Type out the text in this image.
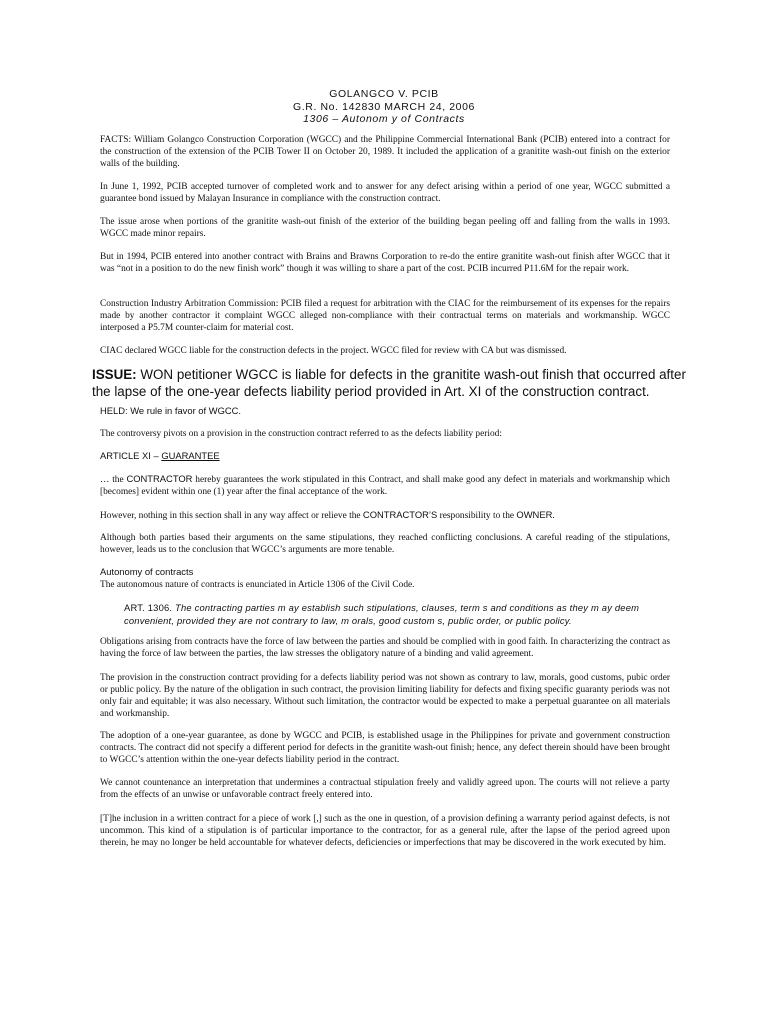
GOLANGCO V. PCIB
G.R. No. 142830 MARCH 24, 2006
1306 – Autonom y of Contracts

FACTS: William Golangco Construction Corporation (WGCC) and the Philippine Commercial International Bank (PCIB) entered into a contract for the construction of the extension of the PCIB Tower II on October 20, 1989. It included the application of a granitite wash-out finish on the exterior walls of the building.

In June 1, 1992, PCIB accepted turnover of completed work and to answer for any defect arising within a period of one year, WGCC submitted a guarantee bond issued by Malayan Insurance in compliance with the construction contract.

The issue arose when portions of the granitite wash-out finish of the exterior of the building began peeling off and falling from the walls in 1993. WGCC made minor repairs.

But in 1994, PCIB entered into another contract with Brains and Brawns Corporation to re-do the entire granitite wash-out finish after WGCC that it was “not in a position to do the new finish work” though it was willing to share a part of the cost. PCIB incurred P11.6M for the repair work.

Construction Industry Arbitration Commission: PCIB filed a request for arbitration with the CIAC for the reimbursement of its expenses for the repairs made by another contractor it complaint WGCC alleged non-compliance with their contractual terms on materials and workmanship. WGCC interposed a P5.7M counter-claim for material cost.

CIAC declared WGCC liable for the construction defects in the project. WGCC filed for review with CA but was dismissed.

ISSUE: WON petitioner WGCC is liable for defects in the granitite wash-out finish that occurred after the lapse of the one-year defects liability period provided in Art. XI of the construction contract.

HELD: We rule in favor of WGCC.

The controversy pivots on a provision in the construction contract referred to as the defects liability period:

ARTICLE XI – GUARANTEE

… the CONTRACTOR hereby guarantees the work stipulated in this Contract, and shall make good any defect in materials and workmanship which [becomes] evident within one (1) year after the final acceptance of the work.

However, nothing in this section shall in any way affect or relieve the CONTRACTOR’S responsibility to the OWNER.

Although both parties based their arguments on the same stipulations, they reached conflicting conclusions. A careful reading of the stipulations, however, leads us to the conclusion that WGCC’s arguments are more tenable.

Autonomy of contracts

The autonomous nature of contracts is enunciated in Article 1306 of the Civil Code.

ART. 1306. The contracting parties m ay establish such stipulations, clauses, term s and conditions as they m ay deem convenient, provided they are not contrary to law, m orals, good custom s, public order, or public policy.

Obligations arising from contracts have the force of law between the parties and should be complied with in good faith. In characterizing the contract as having the force of law between the parties, the law stresses the obligatory nature of a binding and valid agreement.

The provision in the construction contract providing for a defects liability period was not shown as contrary to law, morals, good customs, pubic order or public policy. By the nature of the obligation in such contract, the provision limiting liability for defects and fixing specific guaranty periods was not only fair and equitable; it was also necessary. Without such limitation, the contractor would be expected to make a perpetual guarantee on all materials and workmanship.

The adoption of a one-year guarantee, as done by WGCC and PCIB, is established usage in the Philippines for private and government construction contracts. The contract did not specify a different period for defects in the granitite wash-out finish; hence, any defect therein should have been brought to WGCC’s attention within the one-year defects liability period in the contract.

We cannot countenance an interpretation that undermines a contractual stipulation freely and validly agreed upon. The courts will not relieve a party from the effects of an unwise or unfavorable contract freely entered into.

[T]he inclusion in a written contract for a piece of work [,] such as the one in question, of a provision defining a warranty period against defects, is not uncommon. This kind of a stipulation is of particular importance to the contractor, for as a general rule, after the lapse of the period agreed upon therein, he may no longer be held accountable for whatever defects, deficiencies or imperfections that may be discovered in the work executed by him.
